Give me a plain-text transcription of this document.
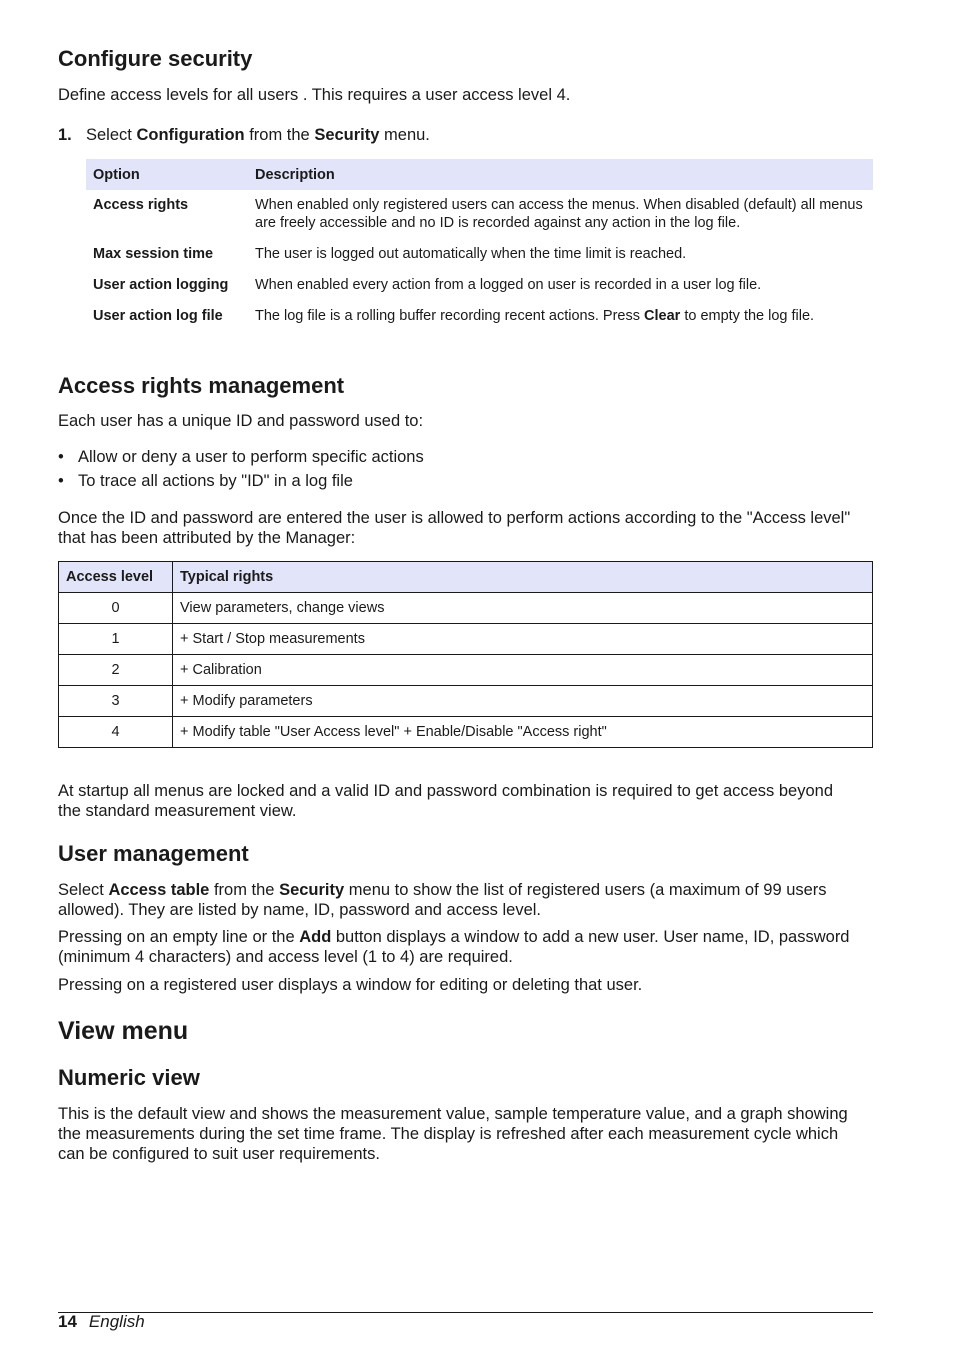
Configure security

Define access levels for all users . This requires a user access level 4.

1. Select Configuration from the Security menu.
Option	Description
Access rights	When enabled only registered users can access the menus. When disabled (default) all menus are freely accessible and no ID is recorded against any action in the log file.
Max session time	The user is logged out automatically when the time limit is reached.
User action logging	When enabled every action from a logged on user is recorded in a user log file.
User action log file	The log file is a rolling buffer recording recent actions. Press Clear to empty the log file.
Access rights management

Each user has a unique ID and password used to:

• Allow or deny a user to perform specific actions
• To trace all actions by "ID" in a log file

Once the ID and password are entered the user is allowed to perform actions according to the "Access level" that has been attributed by the Manager:

Access level	Typical rights
0	View parameters, change views
1	+ Start / Stop measurements
2	+ Calibration
3	+ Modify parameters
4	+ Modify table "User Access level" + Enable/Disable "Access right"

At startup all menus are locked and a valid ID and password combination is required to get access beyond the standard measurement view.

User management

Select Access table from the Security menu to show the list of registered users (a maximum of 99 users allowed). They are listed by name, ID, password and access level.

Pressing on an empty line or the Add button displays a window to add a new user. User name, ID, password (minimum 4 characters) and access level (1 to 4) are required.

Pressing on a registered user displays a window for editing or deleting that user.

View menu
Numeric view

This is the default view and shows the measurement value, sample temperature value, and a graph showing the measurements during the set time frame. The display is refreshed after each measurement cycle which can be configured to suit user requirements.

14 English
